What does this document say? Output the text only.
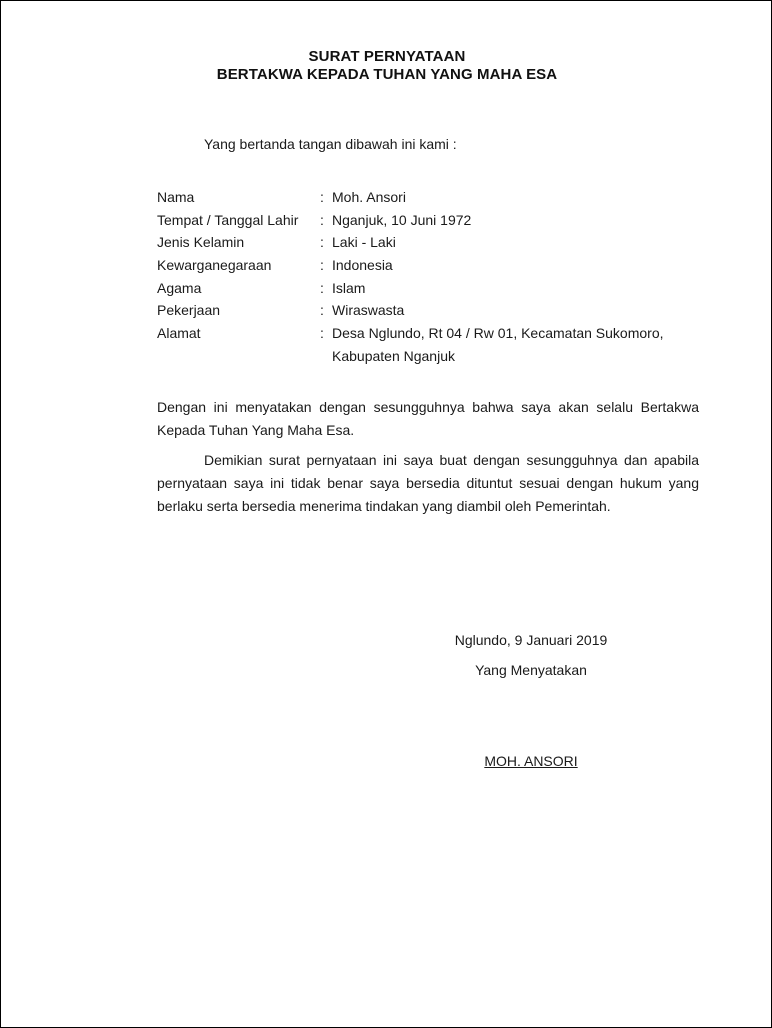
SURAT PERNYATAAN
BERTAKWA KEPADA TUHAN YANG MAHA ESA
Yang bertanda tangan dibawah ini kami :
Nama	: Moh. Ansori
Tempat / Tanggal Lahir : Nganjuk, 10 Juni 1972
Jenis Kelamin	: Laki - Laki
Kewarganegaraan	: Indonesia
Agama	: Islam
Pekerjaan	: Wiraswasta
Alamat	: Desa Nglundo, Rt 04 / Rw 01, Kecamatan Sukomoro,
Kabupaten Nganjuk
Dengan ini menyatakan dengan sesungguhnya bahwa saya akan selalu Bertakwa Kepada Tuhan Yang Maha Esa.
Demikian surat pernyataan ini saya buat dengan sesungguhnya dan apabila pernyataan saya ini tidak benar saya bersedia dituntut sesuai dengan hukum yang berlaku serta bersedia menerima tindakan yang diambil oleh Pemerintah.
Nglundo, 9 Januari 2019
Yang Menyatakan
MOH. ANSORI
